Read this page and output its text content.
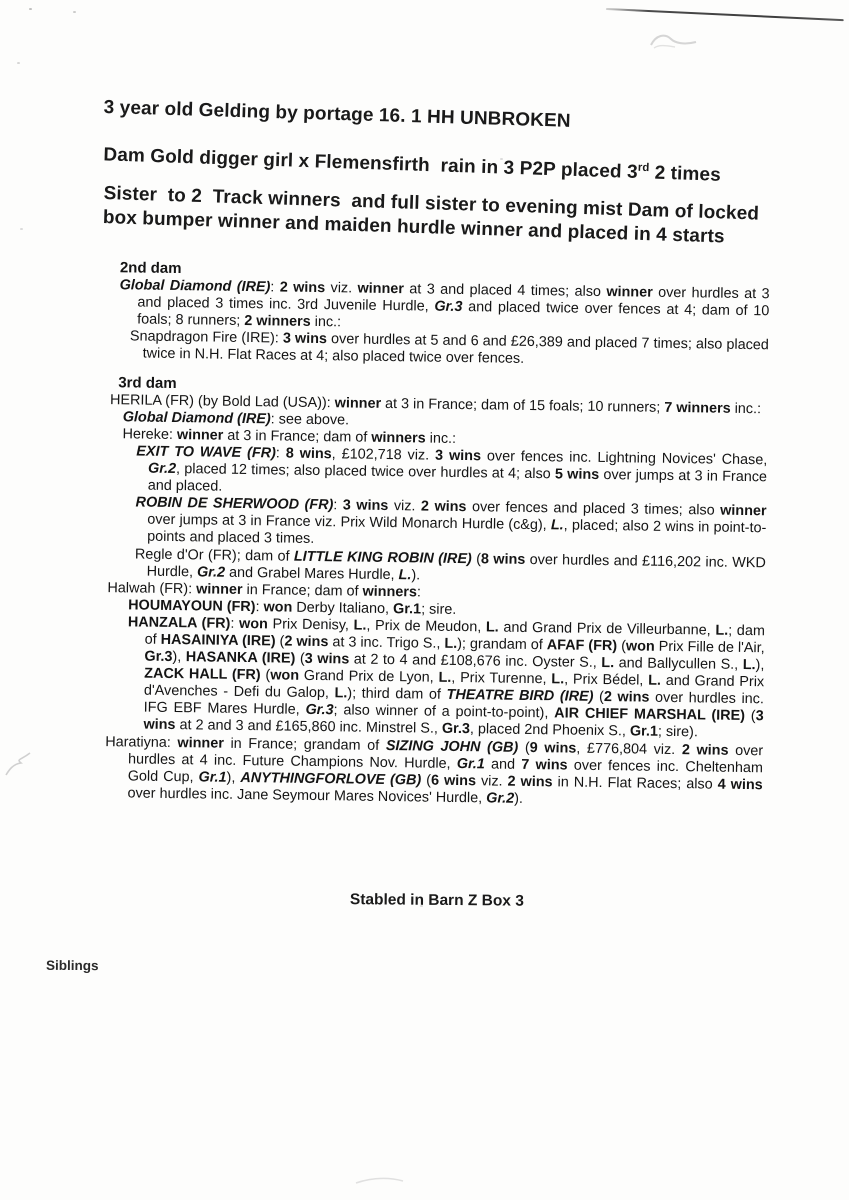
3 year old Gelding by portage 16. 1 HH UNBROKEN

Dam Gold digger girl x Flemensfirth  rain in 3 P2P placed 3rd 2 times

Sister  to 2  Track winners  and full sister to evening mist Dam of locked box bumper winner and maiden hurdle winner and placed in 4 starts

2nd dam

Global Diamond (IRE): 2 wins viz. winner at 3 and placed 4 times; also winner over hurdles at 3 and placed 3 times inc. 3rd Juvenile Hurdle, Gr.3 and placed twice over fences at 4; dam of 10 foals; 8 runners; 2 winners inc.:

Snapdragon Fire (IRE): 3 wins over hurdles at 5 and 6 and £26,389 and placed 7 times; also placed twice in N.H. Flat Races at 4; also placed twice over fences.

3rd dam

HERILA (FR) (by Bold Lad (USA)): winner at 3 in France; dam of 15 foals; 10 runners; 7 winners inc.:

Global Diamond (IRE): see above.

Hereke: winner at 3 in France; dam of winners inc.:

EXIT TO WAVE (FR): 8 wins, £102,718 viz. 3 wins over fences inc. Lightning Novices' Chase, Gr.2, placed 12 times; also placed twice over hurdles at 4; also 5 wins over jumps at 3 in France and placed.

ROBIN DE SHERWOOD (FR): 3 wins viz. 2 wins over fences and placed 3 times; also winner over jumps at 3 in France viz. Prix Wild Monarch Hurdle (c&g), L., placed; also 2 wins in point-to-points and placed 3 times.

Regle d'Or (FR); dam of LITTLE KING ROBIN (IRE) (8 wins over hurdles and £116,202 inc. WKD Hurdle, Gr.2 and Grabel Mares Hurdle, L.).

Halwah (FR): winner in France; dam of winners:

HOUMAYOUN (FR): won Derby Italiano, Gr.1; sire.

HANZALA (FR): won Prix Denisy, L., Prix de Meudon, L. and Grand Prix de Villeurbanne, L.; dam of HASAINIYA (IRE) (2 wins at 3 inc. Trigo S., L.); grandam of AFAF (FR) (won Prix Fille de l'Air, Gr.3), HASANKA (IRE) (3 wins at 2 to 4 and £108,676 inc. Oyster S., L. and Ballycullen S., L.), ZACK HALL (FR) (won Grand Prix de Lyon, L., Prix Turenne, L., Prix Bédel, L. and Grand Prix d'Avenches - Defi du Galop, L.); third dam of THEATRE BIRD (IRE) (2 wins over hurdles inc. IFG EBF Mares Hurdle, Gr.3; also winner of a point-to-point), AIR CHIEF MARSHAL (IRE) (3 wins at 2 and 3 and £165,860 inc. Minstrel S., Gr.3, placed 2nd Phoenix S., Gr.1; sire).

Haratiyna: winner in France; grandam of SIZING JOHN (GB) (9 wins, £776,804 viz. 2 wins over hurdles at 4 inc. Future Champions Nov. Hurdle, Gr.1 and 7 wins over fences inc. Cheltenham Gold Cup, Gr.1), ANYTHINGFORLOVE (GB) (6 wins viz. 2 wins in N.H. Flat Races; also 4 wins over hurdles inc. Jane Seymour Mares Novices' Hurdle, Gr.2).

Stabled in Barn Z Box 3
Siblings
